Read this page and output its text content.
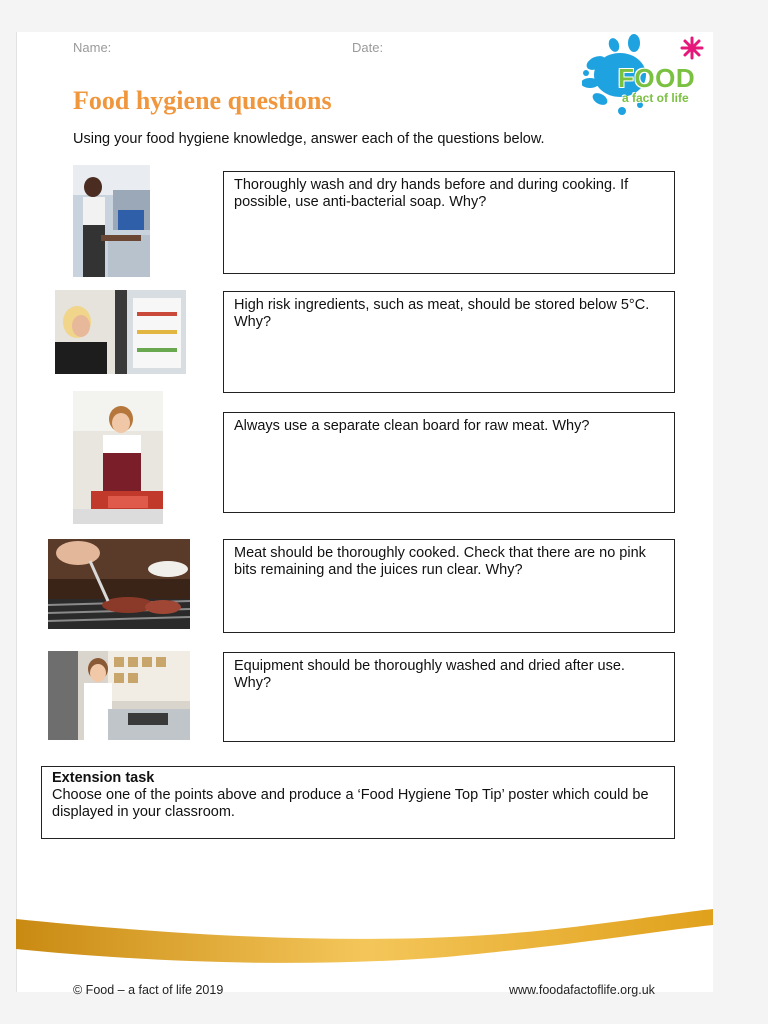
Name:	Date:
FOOD
a fact of life
Food hygiene questions
Using your food hygiene knowledge, answer each of the questions below.
Thoroughly wash and dry hands before and during cooking. If possible, use anti-bacterial soap. Why?
High risk ingredients, such as meat, should be stored below 5°C. Why?
Always use a separate clean board for raw meat. Why?
Meat should be thoroughly cooked. Check that there are no pink bits remaining and the juices run clear. Why?
Equipment should be thoroughly washed and dried after use. Why?
Extension task
Choose one of the points above and produce a ‘Food Hygiene Top Tip’ poster which could be displayed in your classroom.
© Food – a fact of life 2019	www.foodafactoflife.org.uk
